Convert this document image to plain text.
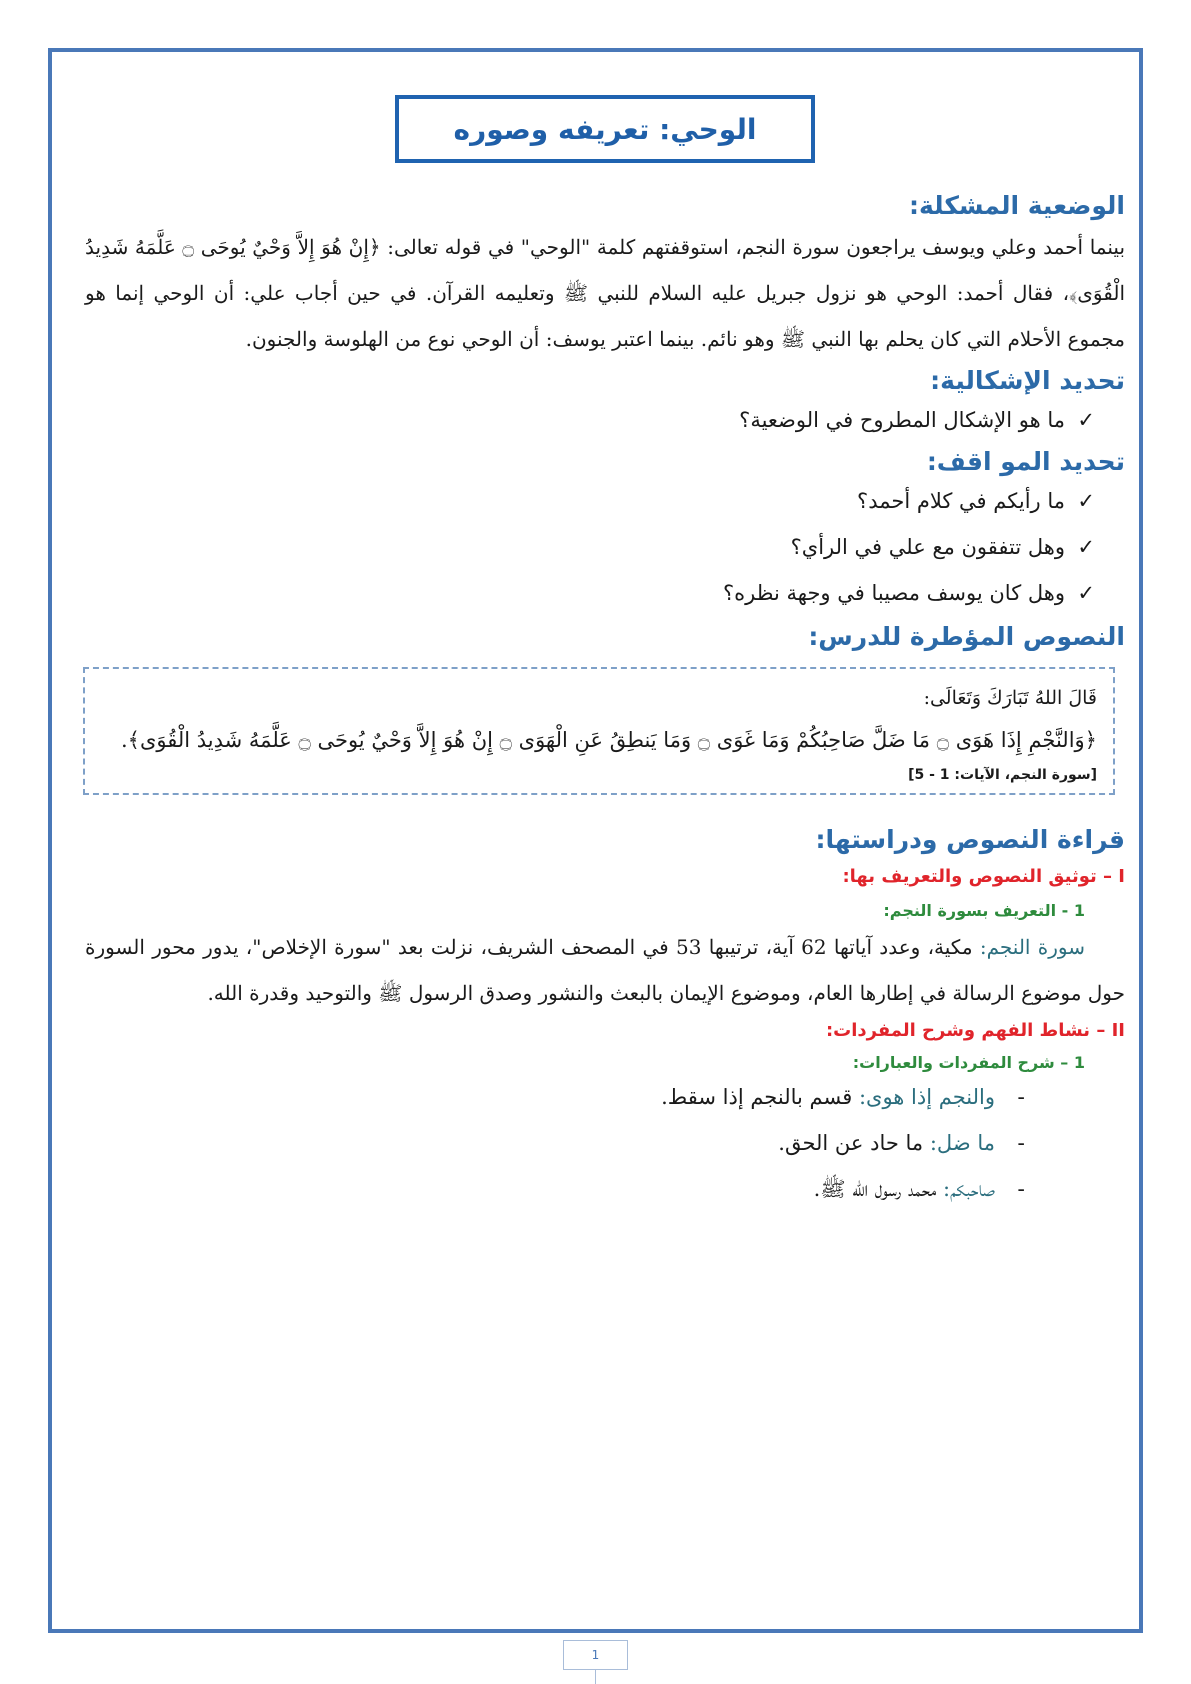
الوحي: تعريفه وصوره
الوضعية المشكلة:

بينما أحمد وعلي ويوسف يراجعون سورة النجم، استوقفتهم كلمة "الوحي" في قوله تعالى: ﴿إِنْ هُوَ إِلاَّ وَحْيٌ يُوحَى ۝ عَلَّمَهُ شَدِيدُ الْقُوَى﴾، فقال أحمد: الوحي هو نزول جبريل عليه السلام للنبي ﷺ وتعليمه القرآن. في حين أجاب علي: أن الوحي إنما هو مجموع الأحلام التي كان يحلم بها النبي ﷺ وهو نائم. بينما اعتبر يوسف: أن الوحي نوع من الهلوسة والجنون.

تحديد الإشكالية:
✓ما هو الإشكال المطروح في الوضعية؟
تحديد المو اقف:
✓ما رأيكم في كلام أحمد؟
✓وهل تتفقون مع علي في الرأي؟
✓وهل كان يوسف مصيبا في وجهة نظره؟
النصوص المؤطرة للدرس:
قَالَ اللهُ تَبَارَكَ وَتَعَالَى:
﴿وَالنَّجْمِ إِذَا هَوَى ۝ مَا ضَلَّ صَاحِبُكُمْ وَمَا غَوَى ۝ وَمَا يَنطِقُ عَنِ الْهَوَى ۝ إِنْ هُوَ إِلاَّ وَحْيٌ يُوحَى ۝ عَلَّمَهُ شَدِيدُ الْقُوَى﴾.
[سورة النجم، الآيات: 1 - 5]
قراءة النصوص ودراستها:
I – توثيق النصوص والتعريف بها:
1 - التعريف بسورة النجم:

سورة النجم: مكية، وعدد آياتها 62 آية، ترتيبها 53 في المصحف الشريف، نزلت بعد "سورة الإخلاص"، يدور محور السورة حول موضوع الرسالة في إطارها العام، وموضوع الإيمان بالبعث والنشور وصدق الرسول ﷺ والتوحيد وقدرة الله.

II – نشاط الفهم وشرح المفردات:
1 – شرح المفردات والعبارات:
-والنجم إذا هوى: قسم بالنجم إذا سقط.
-ما ضل: ما حاد عن الحق.
-صاحبكم: محمد رسول الله ﷺ.
1
